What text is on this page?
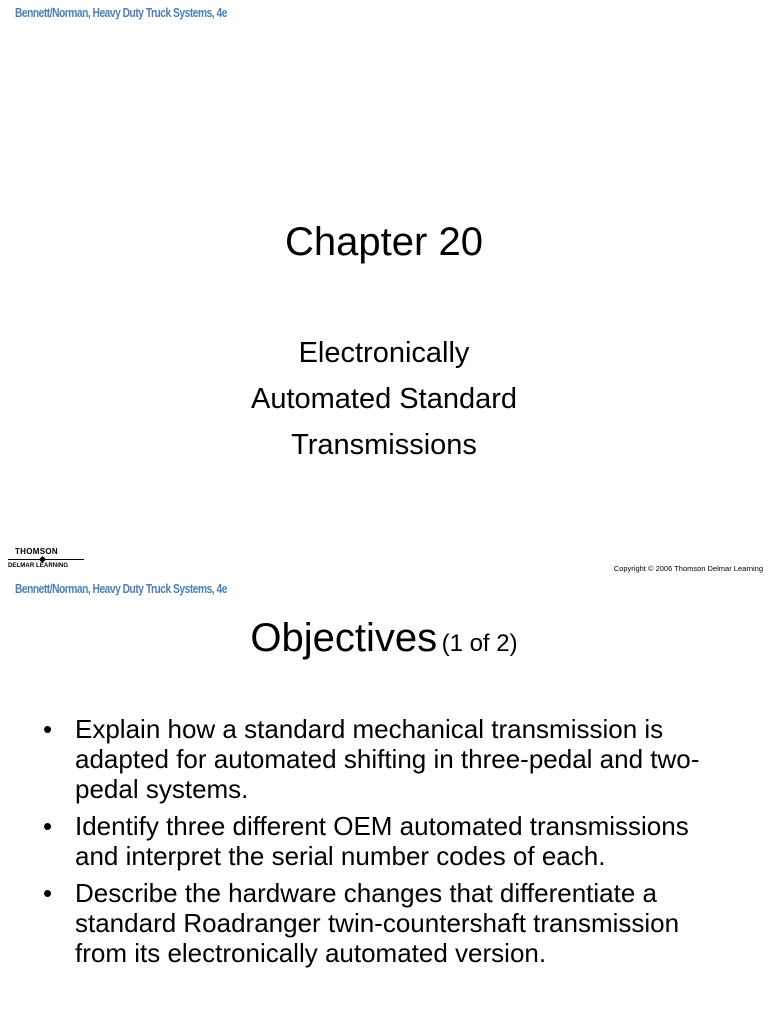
Bennett/Norman, Heavy Duty Truck Systems, 4e
Chapter 20
Electronically
Automated Standard
Transmissions
THOMSON
DELMAR LEARNING	Copyright © 2006 Thomson Delmar Learning
Bennett/Norman, Heavy Duty Truck Systems, 4e
Objectives (1 of 2)
• Explain how a standard mechanical transmission is adapted for automated shifting in three-pedal and two-pedal systems.
• Identify three different OEM automated transmissions and interpret the serial number codes of each.
• Describe the hardware changes that differentiate a standard Roadranger twin-countershaft transmission from its electronically automated version.
